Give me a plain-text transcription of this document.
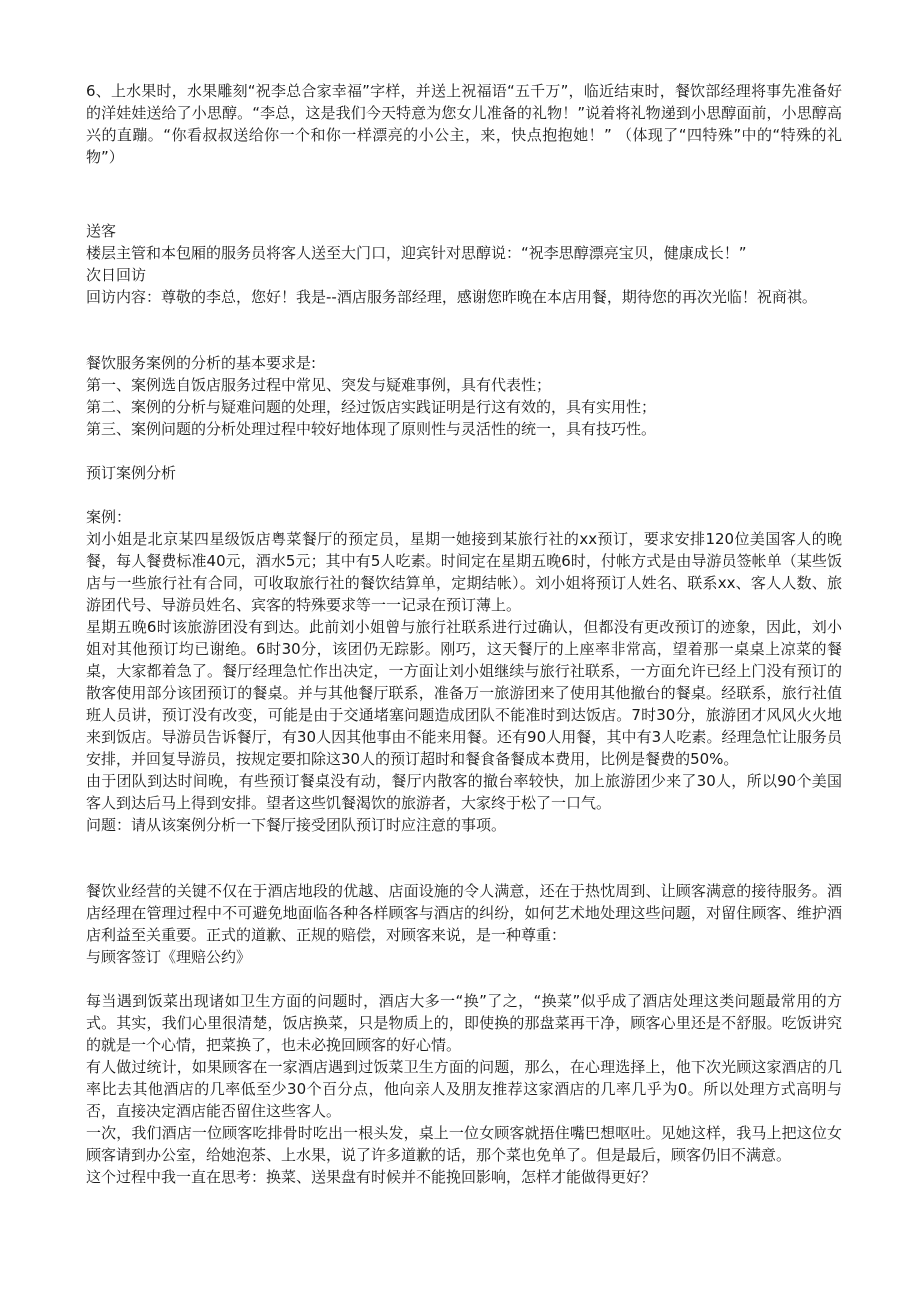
6、上水果时，水果雕刻“祝李总合家幸福”字样，并送上祝福语“五千万”，临近结束时，餐饮部经理将事先准备好的洋娃娃送给了小思醇。“李总，这是我们今天特意为您女儿准备的礼物！”说着将礼物递到小思醇面前，小思醇高兴的直蹦。“你看叔叔送给你一个和你一样漂亮的小公主，来，快点抱抱她！” （体现了“四特殊”中的“特殊的礼物”）

送客

楼层主管和本包厢的服务员将客人送至大门口，迎宾针对思醇说：“祝李思醇漂亮宝贝，健康成长！”

次日回访

回访内容：尊敬的李总，您好！我是--酒店服务部经理，感谢您昨晚在本店用餐，期待您的再次光临！祝商祺。

餐饮服务案例的分析的基本要求是:

第一、案例选自饭店服务过程中常见、突发与疑难事例，具有代表性；

第二、案例的分析与疑难问题的处理，经过饭店实践证明是行这有效的，具有实用性；

第三、案例问题的分析处理过程中较好地体现了原则性与灵活性的统一，具有技巧性。

预订案例分析

案例：

刘小姐是北京某四星级饭店粤菜餐厅的预定员，星期一她接到某旅行社的xx预订，要求安排120位美国客人的晚餐，每人餐费标准40元，酒水5元；其中有5人吃素。时间定在星期五晚6时，付帐方式是由导游员签帐单（某些饭店与一些旅行社有合同，可收取旅行社的餐饮结算单，定期结帐）。刘小姐将预订人姓名、联系xx、客人人数、旅游团代号、导游员姓名、宾客的特殊要求等一一记录在预订薄上。

星期五晚6时该旅游团没有到达。此前刘小姐曾与旅行社联系进行过确认，但都没有更改预订的迹象，因此，刘小姐对其他预订均已谢绝。6时30分，该团仍无踪影。刚巧，这天餐厅的上座率非常高，望着那一桌桌上凉菜的餐桌，大家都着急了。餐厅经理急忙作出决定，一方面让刘小姐继续与旅行社联系，一方面允许已经上门没有预订的散客使用部分该团预订的餐桌。并与其他餐厅联系，准备万一旅游团来了使用其他撤台的餐桌。经联系，旅行社值班人员讲，预订没有改变，可能是由于交通堵塞问题造成团队不能准时到达饭店。7时30分，旅游团才风风火火地来到饭店。导游员告诉餐厅，有30人因其他事由不能来用餐。还有90人用餐，其中有3人吃素。经理急忙让服务员安排，并回复导游员，按规定要扣除这30人的预订超时和餐食备餐成本费用，比例是餐费的50%。

由于团队到达时间晚，有些预订餐桌没有动，餐厅内散客的撤台率较快，加上旅游团少来了30人，所以90个美国客人到达后马上得到安排。望者这些饥餐渴饮的旅游者，大家终于松了一口气。

问题：请从该案例分析一下餐厅接受团队预订时应注意的事项。

餐饮业经营的关键不仅在于酒店地段的优越、店面设施的令人满意，还在于热忱周到、让顾客满意的接待服务。酒店经理在管理过程中不可避免地面临各种各样顾客与酒店的纠纷，如何艺术地处理这些问题，对留住顾客、维护酒店利益至关重要。正式的道歉、正规的赔偿，对顾客来说，是一种尊重：

与顾客签订《理赔公约》

每当遇到饭菜出现诸如卫生方面的问题时，酒店大多一“换”了之，“换菜”似乎成了酒店处理这类问题最常用的方式。其实，我们心里很清楚，饭店换菜，只是物质上的，即使换的那盘菜再干净，顾客心里还是不舒服。吃饭讲究的就是一个心情，把菜换了，也未必挽回顾客的好心情。

有人做过统计，如果顾客在一家酒店遇到过饭菜卫生方面的问题，那么，在心理选择上，他下次光顾这家酒店的几率比去其他酒店的几率低至少30个百分点，他向亲人及朋友推荐这家酒店的几率几乎为0。所以处理方式高明与否，直接决定酒店能否留住这些客人。

一次，我们酒店一位顾客吃排骨时吃出一根头发，桌上一位女顾客就捂住嘴巴想呕吐。见她这样，我马上把这位女顾客请到办公室，给她泡茶、上水果，说了许多道歉的话，那个菜也免单了。但是最后，顾客仍旧不满意。

这个过程中我一直在思考：换菜、送果盘有时候并不能挽回影响，怎样才能做得更好？
